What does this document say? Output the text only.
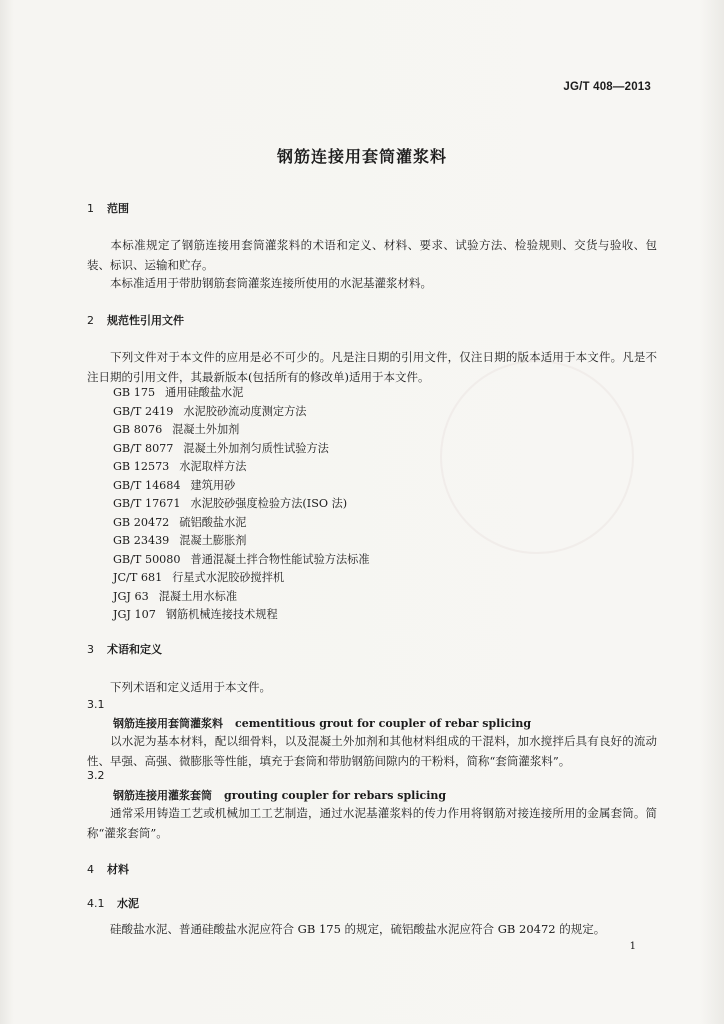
JG/T 408—2013
钢筋连接用套筒灌浆料
1 范围
本标准规定了钢筋连接用套筒灌浆料的术语和定义、材料、要求、试验方法、检验规则、交货与验收、包装、标识、运输和贮存。
本标准适用于带肋钢筋套筒灌浆连接所使用的水泥基灌浆材料。
2 规范性引用文件
下列文件对于本文件的应用是必不可少的。凡是注日期的引用文件，仅注日期的版本适用于本文件。凡是不注日期的引用文件，其最新版本(包括所有的修改单)适用于本文件。
GB 175 通用硅酸盐水泥
GB/T 2419 水泥胶砂流动度测定方法
GB 8076 混凝土外加剂
GB/T 8077 混凝土外加剂匀质性试验方法
GB 12573 水泥取样方法
GB/T 14684 建筑用砂
GB/T 17671 水泥胶砂强度检验方法(ISO 法)
GB 20472 硫铝酸盐水泥
GB 23439 混凝土膨胀剂
GB/T 50080 普通混凝土拌合物性能试验方法标准
JC/T 681 行星式水泥胶砂搅拌机
JGJ 63 混凝土用水标准
JGJ 107 钢筋机械连接技术规程
3 术语和定义
下列术语和定义适用于本文件。
3.1
钢筋连接用套筒灌浆料 cementitious grout for coupler of rebar splicing
以水泥为基本材料，配以细骨料，以及混凝土外加剂和其他材料组成的干混料，加水搅拌后具有良好的流动性、早强、高强、微膨胀等性能，填充于套筒和带肋钢筋间隙内的干粉料，简称“套筒灌浆料”。
3.2
钢筋连接用灌浆套筒 grouting coupler for rebars splicing
通常采用铸造工艺或机械加工工艺制造，通过水泥基灌浆料的传力作用将钢筋对接连接所用的金属套筒。简称“灌浆套筒”。
4 材料
4.1 水泥
硅酸盐水泥、普通硅酸盐水泥应符合 GB 175 的规定，硫铝酸盐水泥应符合 GB 20472 的规定。
1
